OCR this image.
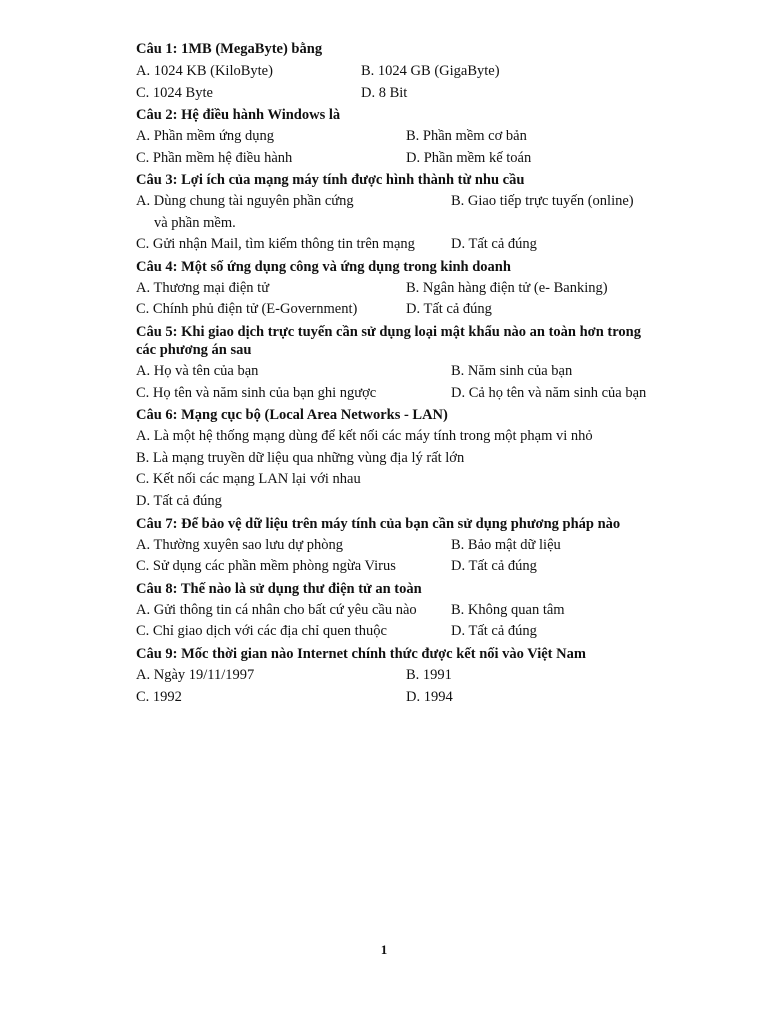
Câu 1: 1MB (MegaByte) bằng
A. 1024 KB (KiloByte)	B. 1024 GB (GigaByte)
C. 1024 Byte	D. 8 Bit
Câu 2: Hệ điều hành Windows là
A. Phần mềm ứng dụng	B. Phần mềm cơ bản
C. Phần mềm hệ điều hành	D. Phần mềm kế toán
Câu 3: Lợi ích của mạng máy tính được hình thành từ nhu cầu
A. Dùng chung tài nguyên phần cứng	B. Giao tiếp trực tuyến (online)
và phần mềm.
C. Gửi nhận Mail, tìm kiếm thông tin trên mạng D. Tất cả đúng
Câu 4: Một số ứng dụng công và ứng dụng trong kinh doanh
A. Thương mại điện tử	B. Ngân hàng điện tử (e- Banking)
C. Chính phủ điện tử (E-Government)	D. Tất cả đúng
Câu 5: Khi giao dịch trực tuyến cần sử dụng loại mật khẩu nào an toàn hơn trong
các phương án sau
A. Họ và tên của bạn	B. Năm sinh của bạn
C. Họ tên và năm sinh của bạn ghi ngược	D. Cả họ tên và năm sinh của bạn
Câu 6: Mạng cục bộ (Local Area Networks - LAN)
A. Là một hệ thống mạng dùng để kết nối các máy tính trong một phạm vi nhỏ
B. Là mạng truyền dữ liệu qua những vùng địa lý rất lớn
C. Kết nối các mạng LAN lại với nhau
D. Tất cả đúng
Câu 7: Để bảo vệ dữ liệu trên máy tính của bạn cần sử dụng phương pháp nào
A. Thường xuyên sao lưu dự phòng	B. Bảo mật dữ liệu
C. Sử dụng các phần mềm phòng ngừa Virus	D. Tất cả đúng
Câu 8: Thế nào là sử dụng thư điện tử an toàn
A. Gửi thông tin cá nhân cho bất cứ yêu cầu nào B. Không quan tâm
C. Chỉ giao dịch với các địa chỉ quen thuộc	D. Tất cả đúng
Câu 9: Mốc thời gian nào Internet chính thức được kết nối vào Việt Nam
A. Ngày 19/11/1997	B. 1991
C. 1992	D. 1994
1
